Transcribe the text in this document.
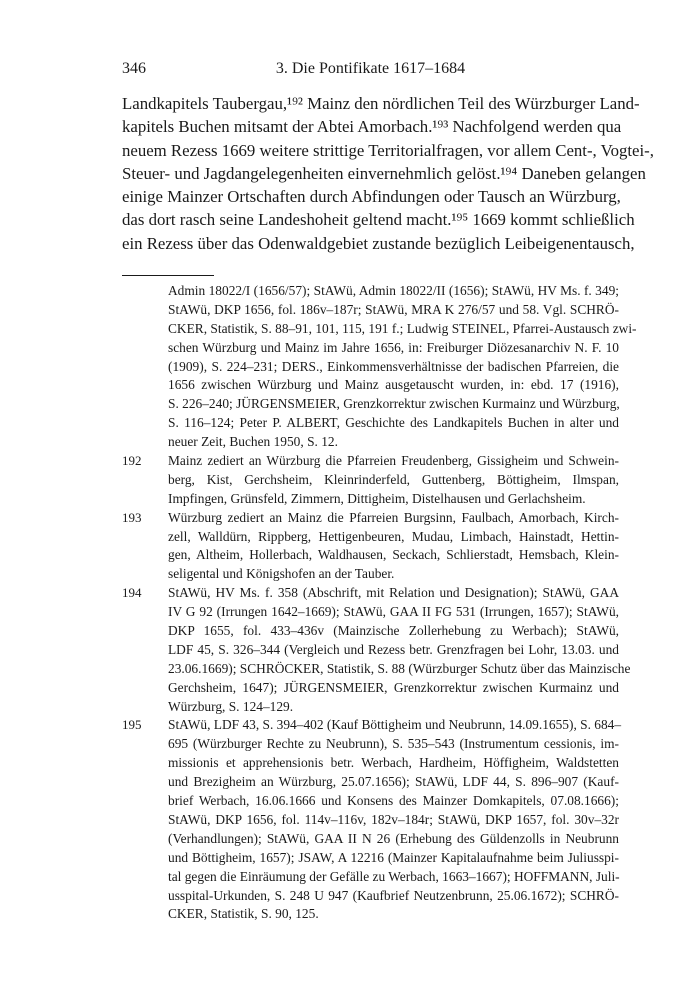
346	3. Die Pontifikate 1617–1684
Landkapitels Taubergau,¹⁹² Mainz den nördlichen Teil des Würzburger Land-
kapitels Buchen mitsamt der Abtei Amorbach.¹⁹³ Nachfolgend werden qua
neuem Rezess 1669 weitere strittige Territorialfragen, vor allem Cent-, Vogtei-,
Steuer- und Jagdangelegenheiten einvernehmlich gelöst.¹⁹⁴ Daneben gelangen
einige Mainzer Ortschaften durch Abfindungen oder Tausch an Würzburg,
das dort rasch seine Landeshoheit geltend macht.¹⁹⁵ 1669 kommt schließlich
ein Rezess über das Odenwaldgebiet zustande bezüglich Leibeigenentausch,
Admin 18022/I (1656/57); StAWü, Admin 18022/II (1656); StAWü, HV Ms. f. 349;
StAWü, DKP 1656, fol. 186v–187r; StAWü, MRA K 276/57 und 58. Vgl. SCHRÖ-
CKER, Statistik, S. 88–91, 101, 115, 191 f.; Ludwig STEINEL, Pfarrei-Austausch zwi-
schen Würzburg und Mainz im Jahre 1656, in: Freiburger Diözesanarchiv N. F. 10
(1909), S. 224–231; DERS., Einkommensverhältnisse der badischen Pfarreien, die
1656 zwischen Würzburg und Mainz ausgetauscht wurden, in: ebd. 17 (1916),
S. 226–240; JÜRGENSMEIER, Grenzkorrektur zwischen Kurmainz und Würzburg,
S. 116–124; Peter P. ALBERT, Geschichte des Landkapitels Buchen in alter und
neuer Zeit, Buchen 1950, S. 12.
192 Mainz zediert an Würzburg die Pfarreien Freudenberg, Gissigheim und Schwein-
berg, Kist, Gerchsheim, Kleinrinderfeld, Guttenberg, Böttigheim, Ilmspan,
Impfingen, Grünsfeld, Zimmern, Dittigheim, Distelhausen und Gerlachsheim.
193 Würzburg zediert an Mainz die Pfarreien Burgsinn, Faulbach, Amorbach, Kirch-
zell, Walldürn, Rippberg, Hettigenbeuren, Mudau, Limbach, Hainstadt, Hettin-
gen, Altheim, Hollerbach, Waldhausen, Seckach, Schlierstadt, Hemsbach, Klein-
seligental und Königshofen an der Tauber.
194 StAWü, HV Ms. f. 358 (Abschrift, mit Relation und Designation); StAWü, GAA
IV G 92 (Irrungen 1642–1669); StAWü, GAA II FG 531 (Irrungen, 1657); StAWü,
DKP 1655, fol. 433–436v (Mainzische Zollerhebung zu Werbach); StAWü,
LDF 45, S. 326–344 (Vergleich und Rezess betr. Grenzfragen bei Lohr, 13.03. und
23.06.1669); SCHRÖCKER, Statistik, S. 88 (Würzburger Schutz über das Mainzische
Gerchsheim, 1647); JÜRGENSMEIER, Grenzkorrektur zwischen Kurmainz und
Würzburg, S. 124–129.
195 StAWü, LDF 43, S. 394–402 (Kauf Böttigheim und Neubrunn, 14.09.1655), S. 684–
695 (Würzburger Rechte zu Neubrunn), S. 535–543 (Instrumentum cessionis, im-
missionis et apprehensionis betr. Werbach, Hardheim, Höffigheim, Waldstetten
und Brezigheim an Würzburg, 25.07.1656); StAWü, LDF 44, S. 896–907 (Kauf-
brief Werbach, 16.06.1666 und Konsens des Mainzer Domkapitels, 07.08.1666);
StAWü, DKP 1656, fol. 114v–116v, 182v–184r; StAWü, DKP 1657, fol. 30v–32r
(Verhandlungen); StAWü, GAA II N 26 (Erhebung des Güldenzolls in Neubrunn
und Böttigheim, 1657); JSAW, A 12216 (Mainzer Kapitalaufnahme beim Juliusspi-
tal gegen die Einräumung der Gefälle zu Werbach, 1663–1667); HOFFMANN, Juli-
usspital-Urkunden, S. 248 U 947 (Kaufbrief Neutzenbrunn, 25.06.1672); SCHRÖ-
CKER, Statistik, S. 90, 125.
